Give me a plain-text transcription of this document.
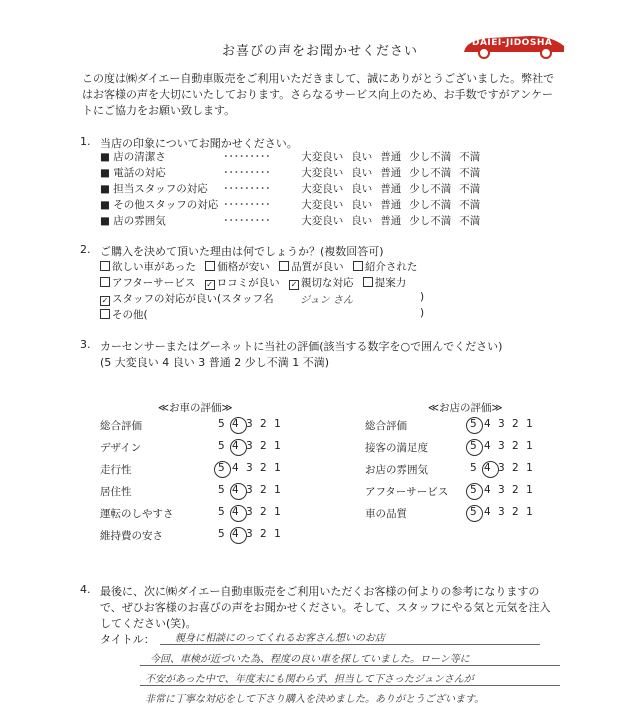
お喜びの声をお聞かせください
DAIEI-JIDOSHA
この度は㈱ダイエー自動車販売をご利用いただきまして、誠にありがとうございました。弊社で
はお客様の声を大切にいたしております。さらなるサービス向上のため、お手数ですがアンケー
トにご協力をお願い致します。
1. 当店の印象についてお聞かせください。
■ 店の清潔さ	･････････	大変良い 良い 普通 少し不満 不満
■ 電話の対応	･････････	大変良い 良い 普通 少し不満 不満
■ 担当スタッフの対応 ･････････	大変良い 良い 普通 少し不満 不満
■ その他スタッフの対応 ･････････	大変良い 良い 普通 少し不満 不満
■ 店の雰囲気	･････････	大変良い 良い 普通 少し不満 不満
2. ご購入を決めて頂いた理由は何でしょうか？(複数回答可)
欲しい車があった 価格が安い 品質が良い 紹介された
アフターサービス ✓ ロコミが良い ✓ 親切な対応 提案力
✓ スタッフの対応が良い(スタッフ名	ジュン さん	)
その他(	)
3. カーセンサーまたはグーネットに当社の評価(該当する数字を○で囲んでください)
(5 大変良い 4 良い 3 普通 2 少し不満 1 不満)
≪お車の評価≫	≪お店の評価≫
総合評価	5 4 3 2 1
デザイン	5 4 3 2 1
走行性	5 4 3 2 1
居住性	5 4 3 2 1
運転のしやすさ	5 4 3 2 1
維持費の安さ	5 4 3 2 1
総合評価	5 4 3 2 1
接客の満足度	5 4 3 2 1
お店の雰囲気	5 4 3 2 1
アフターサービス 5 4 3 2 1
車の品質	5 4 3 2 1
4. 最後に、次に㈱ダイエー自動車販売をご利用いただくお客様の何よりの参考になりますの
で、ぜひお客様のお喜びの声をお聞かせください。そして、スタッフにやる気と元気を注入
してください(笑)。
タイトル： 親身に相談にのってくれるお客さん想いのお店
今回、車検が近づいた為、程度の良い車を探していました。ローン等に
不安があった中で、年度末にも関わらず、担当して下さったジュンさんが
非常に丁寧な対応をして下さり購入を決めました。ありがとうございます。
